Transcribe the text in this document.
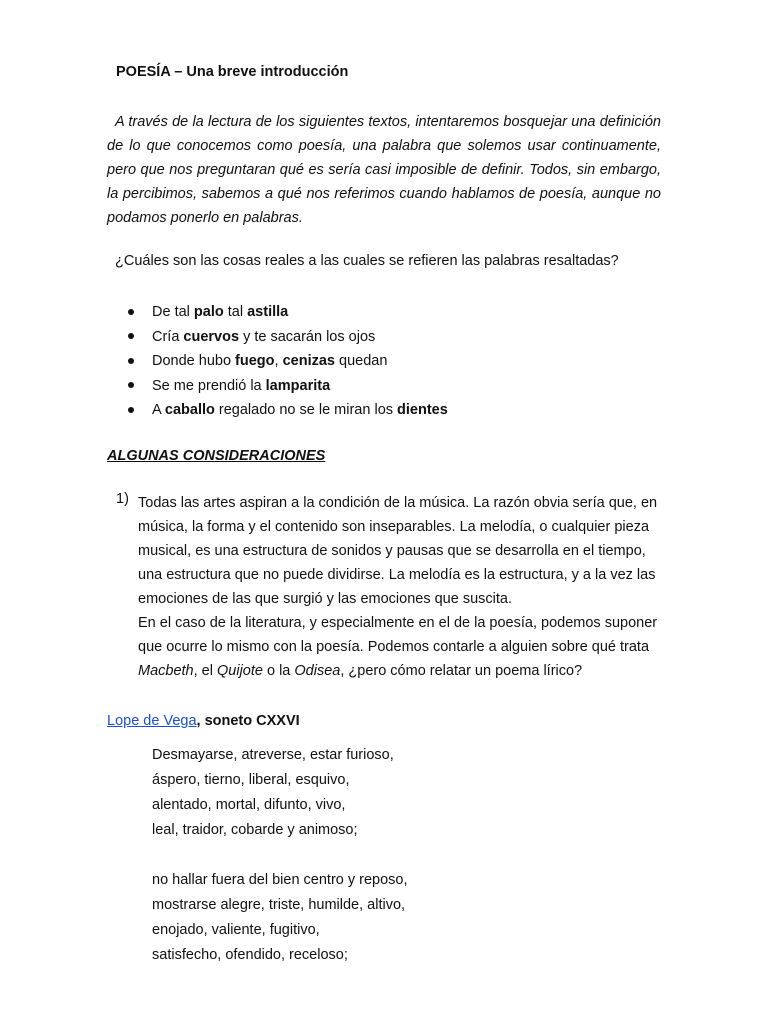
POESÍA – Una breve introducción

A través de la lectura de los siguientes textos, intentaremos bosquejar una definición de lo que conocemos como poesía, una palabra que solemos usar continuamente, pero que nos preguntaran qué es sería casi imposible de definir. Todos, sin embargo, la percibimos, sabemos a qué nos referimos cuando hablamos de poesía, aunque no podamos ponerlo en palabras.

¿Cuáles son las cosas reales a las cuales se refieren las palabras resaltadas?
De tal palo tal astilla
Cría cuervos y te sacarán los ojos
Donde hubo fuego, cenizas quedan
Se me prendió la lamparita
A caballo regalado no se le miran los dientes
ALGUNAS CONSIDERACIONES
1) Todas las artes aspiran a la condición de la música. La razón obvia sería que, en
música, la forma y el contenido son inseparables. La melodía, o cualquier pieza
musical, es una estructura de sonidos y pausas que se desarrolla en el tiempo,
una estructura que no puede dividirse. La melodía es la estructura, y a la vez las
emociones de las que surgió y las emociones que suscita.
En el caso de la literatura, y especialmente en el de la poesía, podemos suponer
que ocurre lo mismo con la poesía. Podemos contarle a alguien sobre qué trata
Macbeth, el Quijote o la Odisea, ¿pero cómo relatar un poema lírico?
Lope de Vega, soneto CXXVI
Desmayarse, atreverse, estar furioso,
áspero, tierno, liberal, esquivo,
alentado, mortal, difunto, vivo,
leal, traidor, cobarde y animoso;
no hallar fuera del bien centro y reposo,
mostrarse alegre, triste, humilde, altivo,
enojado, valiente, fugitivo,
satisfecho, ofendido, receloso;
